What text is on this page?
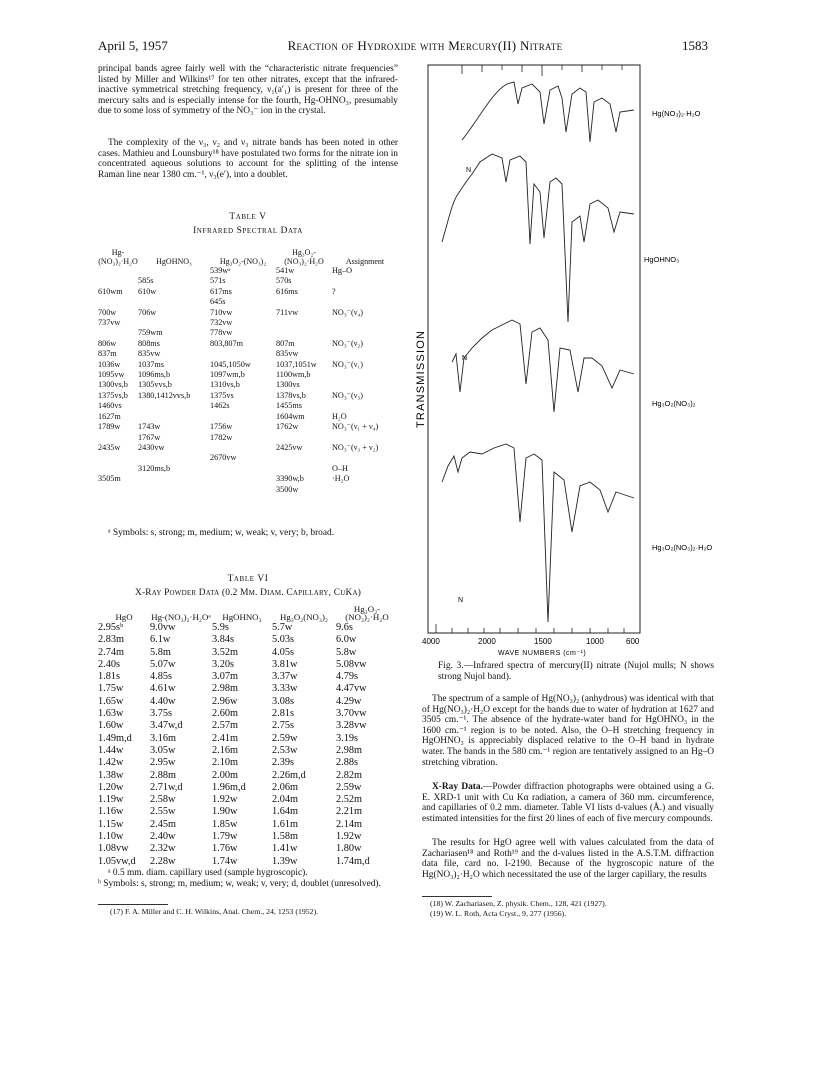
April 5, 1957	Reaction of Hydroxide with Mercury(II) Nitrate	1583
principal bands agree fairly well with the “characteristic nitrate frequencies” listed by Miller and Wilkins¹⁷ for ten other nitrates, except that the infrared-inactive symmetrical stretching frequency, ν₁(a′₁) is present for three of the mercury salts and is especially intense for the fourth, Hg-OHNO₃, presumably due to some loss of symmetry of the NO₃⁻ ion in the crystal.
The complexity of the ν₃, ν₂ and ν₃ nitrate bands has been noted in other cases. Mathieu and Lounsbury¹⁸ have postulated two forms for the nitrate ion in concentrated aqueous solutions to account for the splitting of the intense Raman line near 1380 cm.⁻¹, ν₃(e′), into a doublet.
Table V
Infrared Spectral Data
Hg-(NO₃)₂·H₂O	HgOHNO₃	Hg₃O₂-(NO₃)₂	Hg₃O₂-(NO₃)₂·H₂O	Assignment
		539wᵃ	541w	Hg–O
	585s	571s	570s	
610wm	610w	617ms	616ms	?
		645s		
700w	706w	710vw	711vw	NO₃⁻(ν₄)
737vw		732vw		
	759wm	778vw		
806w	808ms	803,807m	807m	NO₃⁻(ν₂)
837m	835vw		835vw	
1036w	1037ms	1045,1050w	1037,1051w	NO₃⁻(ν₁)
1095vw	1096ms,b	1097wm,b	1100wm,b	
1300vs,b	1305vvs,b	1310vs,b	1300vs	
1375vs,b	1380,1412vvs,b	1375vs	1378vs,b	NO₃⁻(ν₃)
1460vs		1462s	1455ms	
1627m			1604wm	H₂O
1789w	1743w	1756w	1762w	NO₃⁻(ν₁ + ν₄)
	1767w	1782w		
2435w	2430vw		2425vw	NO₃⁻(ν₃ + ν₂)
		2670vw		
	3120ms,b			O–H
3505m			3390w,b	·H₂O
			3500w	
ᵃ Symbols: s, strong; m, medium; w, weak; v, very; b, broad.
Table VI
X-Ray Powder Data (0.2 Mm. Diam. Capillary, CuKα)
HgO	Hg-(NO₃)₂·H₂Oᵃ	HgOHNO₃	Hg₃O₂(NO₃)₂	Hg₃O₂-(NO₃)₂·H₂O
2.95sᵇ	9.0vw	5.9s	5.7w	9.6s
2.83m	6.1w	3.84s	5.03s	6.0w
2.74m	5.8m	3.52m	4.05s	5.8w
2.40s	5.07w	3.20s	3.81w	5.08vw
1.81s	4.85s	3.07m	3.37w	4.79s
1.75w	4.61w	2.98m	3.33w	4.47vw
1.65w	4.40w	2.96w	3.08s	4.29w
1.63w	3.75s	2.60m	2.81s	3.70vw
1.60w	3.47w,d	2.57m	2.75s	3.28vw
1.49m,d	3.16m	2.41m	2.59w	3.19s
1.44w	3.05w	2.16m	2.53w	2.98m
1.42w	2.95w	2.10m	2.39s	2.88s
1.38w	2.88m	2.00m	2.26m,d	2.82m
1.20w	2.71w,d	1.96m,d	2.06m	2.59w
1.19w	2.58w	1.92w	2.04m	2.52m
1.16w	2.55w	1.90w	1.64m	2.21m
1.15w	2.45m	1.85w	1.61m	2.14m
1.10w	2.40w	1.79w	1.58m	1.92w
1.08vw	2.32w	1.76w	1.41w	1.80w
1.05vw,d	2.28w	1.74w	1.39w	1.74m,d
ᵃ 0.5 mm. diam. capillary used (sample hygroscopic).
ᵇ Symbols: s, strong; m, medium; w, weak; v, very; d, doublet (unresolved).
(17) F. A. Miller and C. H. Wilkins, Anal. Chem., 24, 1253 (1952).
Hg(NO₃)₂·H₂O
HgOHNO₃
Hg₃O₂(NO₃)₂
Hg₃O₂(NO₃)₂·H₂O
N
N
N
TRANSMISSION
4000	2000	1500	1000	600
WAVE NUMBERS (cm⁻¹)
Fig. 3.—Infrared spectra of mercury(II) nitrate (Nujol mulls; N shows strong Nujol band).
The spectrum of a sample of Hg(NO₃)₂ (anhydrous) was identical with that of Hg(NO₃)₂·H₂O except for the bands due to water of hydration at 1627 and 3505 cm.⁻¹. The absence of the hydrate-water band for HgOHNO₃ in the 1600 cm.⁻¹ region is to be noted. Also, the O–H stretching frequency in HgOHNO₃ is appreciably displaced relative to the O–H band in hydrate water. The bands in the 580 cm.⁻¹ region are tentatively assigned to an Hg–O stretching vibration.
X-Ray Data.—Powder diffraction photographs were obtained using a G. E. XRD-1 unit with Cu Kα radiation, a camera of 360 mm. circumference, and capillaries of 0.2 mm. diameter. Table VI lists d-values (Å.) and visually estimated intensities for the first 20 lines of each of five mercury compounds.
The results for HgO agree well with values calculated from the data of Zachariasen¹⁸ and Roth¹⁹ and the d-values listed in the A.S.T.M. diffraction data file, card no. I-2190. Because of the hygroscopic nature of the Hg(NO₃)₂·H₂O which necessitated the use of the larger capillary, the results
(18) W. Zachariasen, Z. physik. Chem., 128, 421 (1927).
(19) W. L. Roth, Acta Cryst., 9, 277 (1956).
